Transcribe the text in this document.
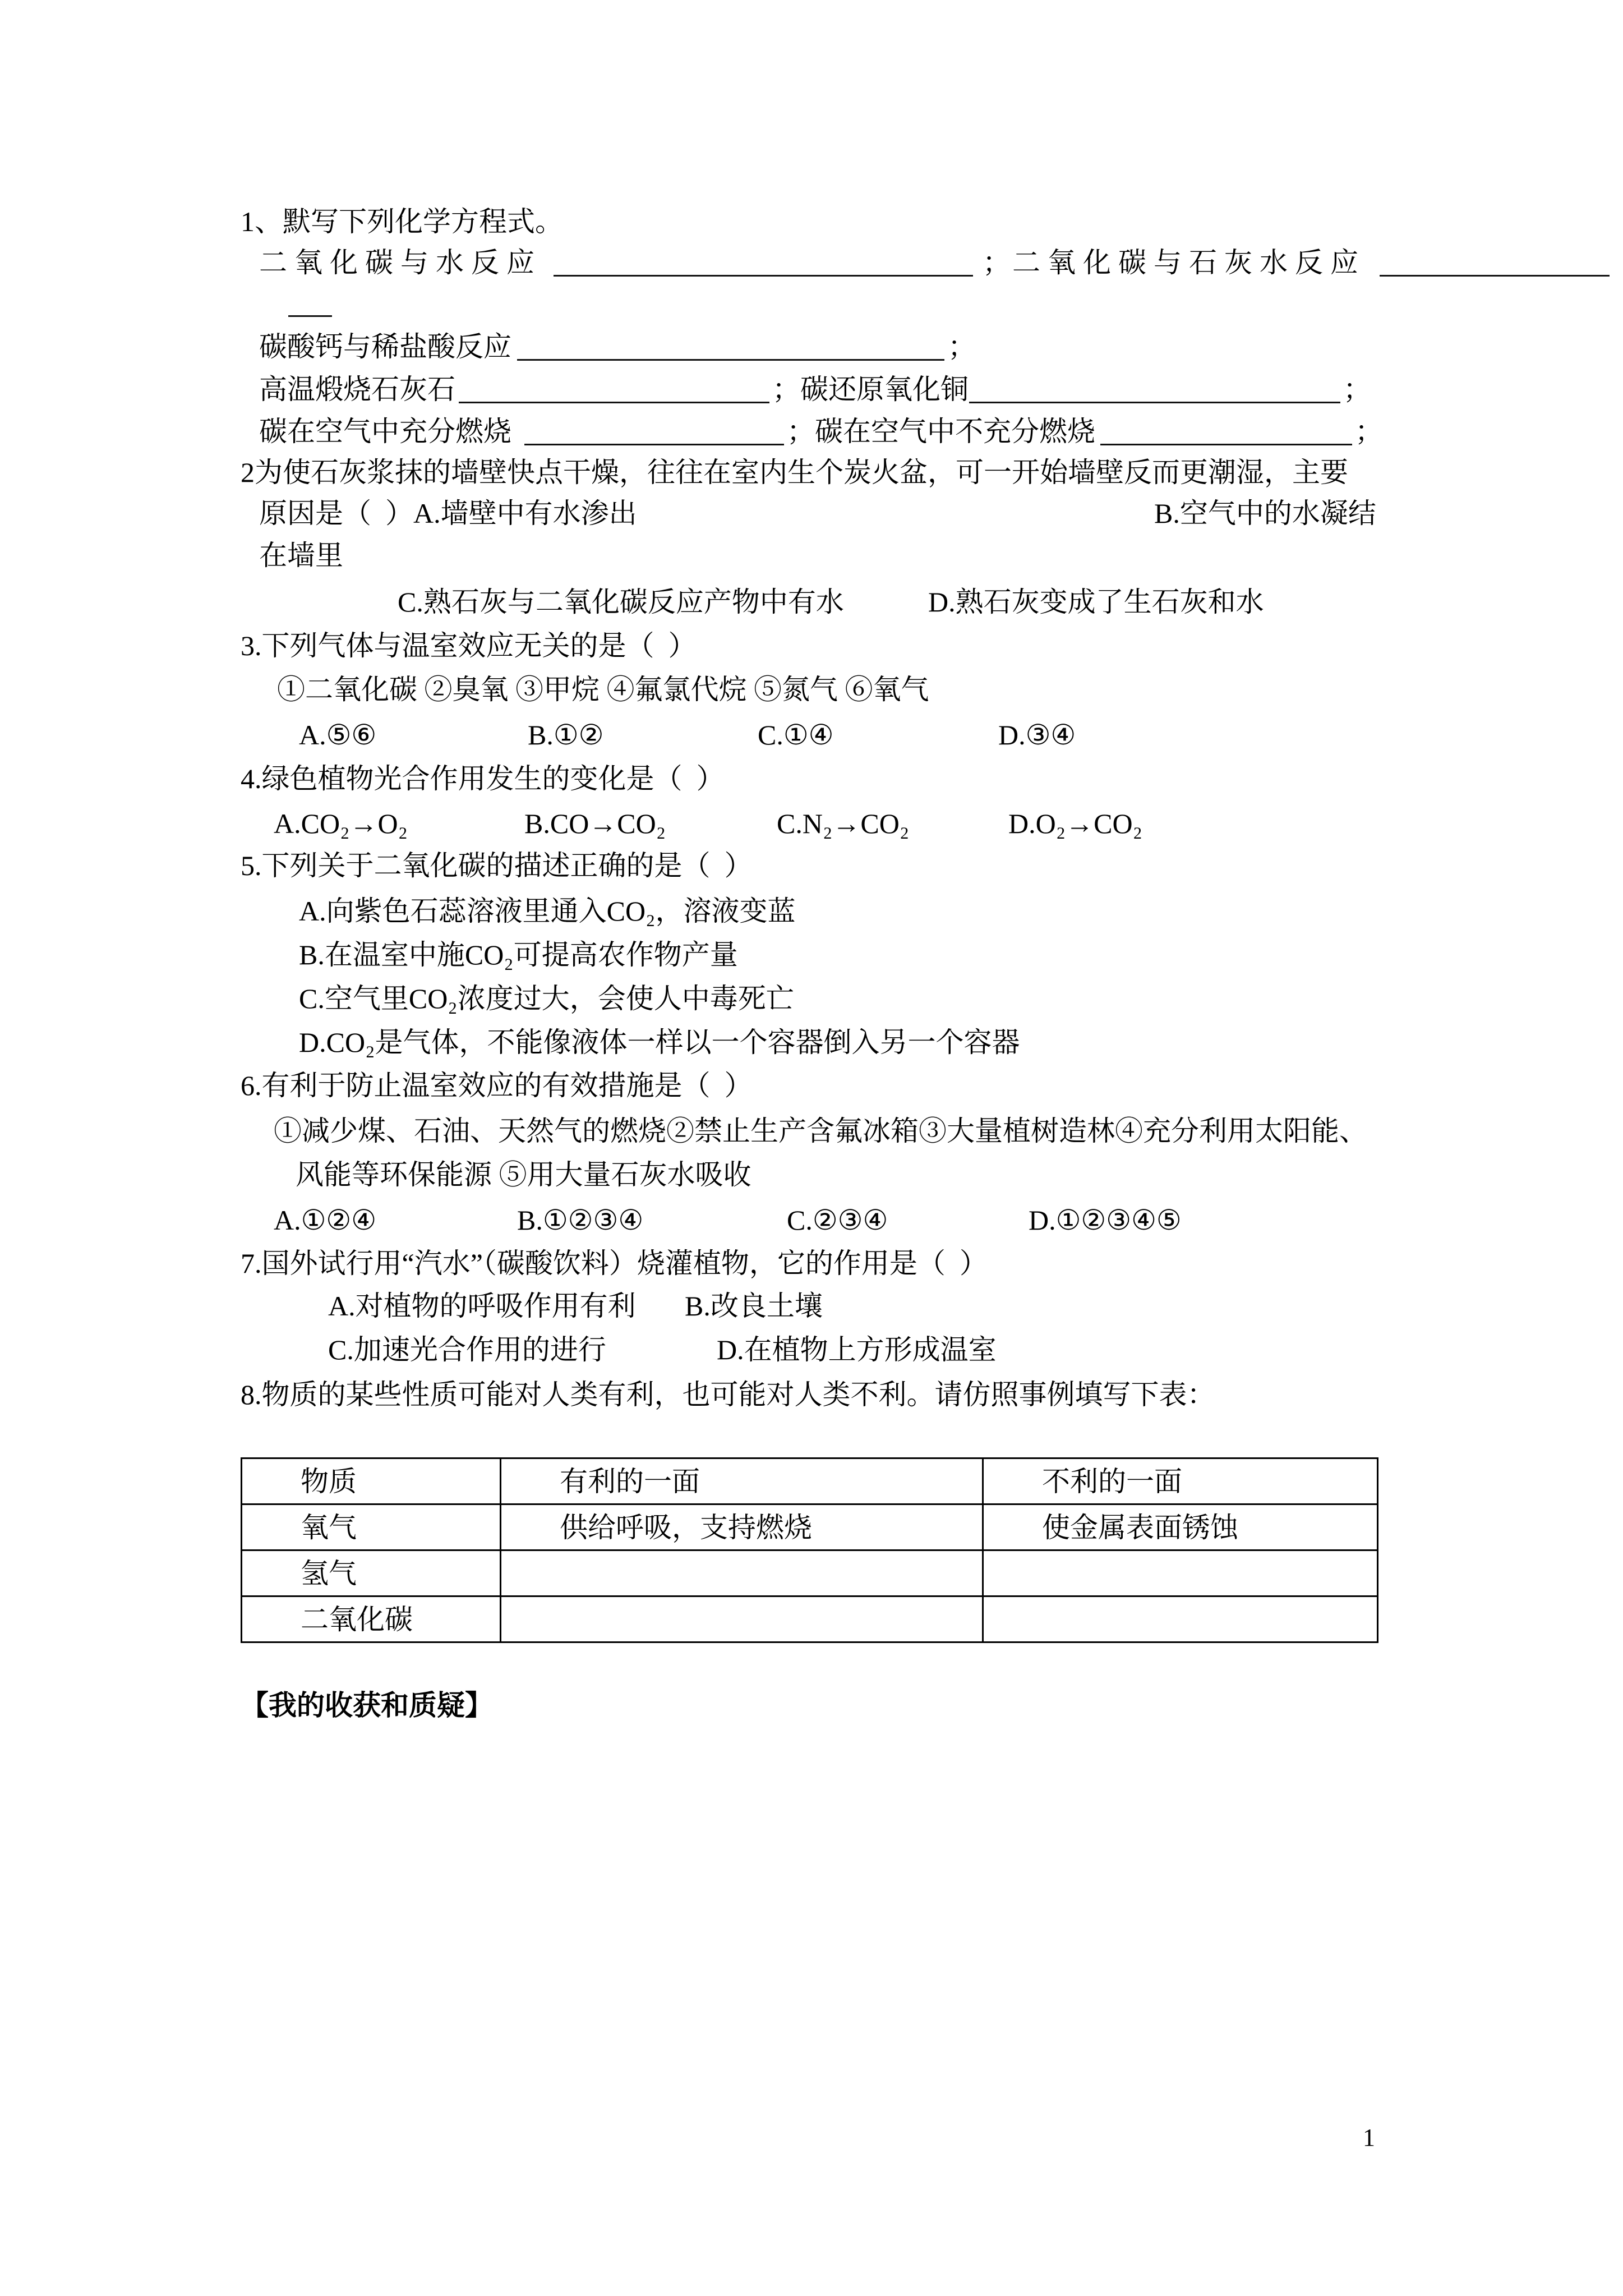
1、默写下列化学方程式。
二氧化碳与水反应	； 二氧化碳与石灰水反应
碳酸钙与稀盐酸反应	；
高温煅烧石灰石	；碳还原氧化铜	；
碳在空气中充分燃烧	；碳在空气中不充分燃烧	；
2为使石灰浆抹的墙壁快点干燥，往往在室内生个炭火盆，可一开始墙壁反而更潮湿，主要
原因是（  ）A.墙壁中有水渗出	B.空气中的水凝结
在墙里
C.熟石灰与二氧化碳反应产物中有水	D.熟石灰变成了生石灰和水
3.下列气体与温室效应无关的是（  ）
①二氧化碳 ②臭氧 ③甲烷 ④氟氯代烷 ⑤氮气 ⑥氧气
A.⑤⑥	B.①②	C.①④	D.③④
4.绿色植物光合作用发生的变化是（  ）
A.CO₂→O₂	B.CO→CO₂	C.N₂→CO₂	D.O₂→CO₂
5.下列关于二氧化碳的描述正确的是（  ）
A.向紫色石蕊溶液里通入CO₂，溶液变蓝
B.在温室中施CO₂可提高农作物产量
C.空气里CO₂浓度过大，会使人中毒死亡
D.CO₂是气体，不能像液体一样以一个容器倒入另一个容器
6.有利于防止温室效应的有效措施是（  ）
①减少煤、石油、天然气的燃烧②禁止生产含氟冰箱③大量植树造林④充分利用太阳能、
风能等环保能源 ⑤用大量石灰水吸收
A.①②④	B.①②③④	C.②③④	D.①②③④⑤
7.国外试行用“汽水”（碳酸饮料）烧灌植物，它的作用是（  ）
A.对植物的呼吸作用有利 B.改良土壤
C.加速光合作用的进行	D.在植物上方形成温室
8.物质的某些性质可能对人类有利，也可能对人类不利。请仿照事例填写下表：
物质	有利的一面	不利的一面
氧气	供给呼吸，支持燃烧	使金属表面锈蚀
氢气		
二氧化碳		
【我的收获和质疑】
1
